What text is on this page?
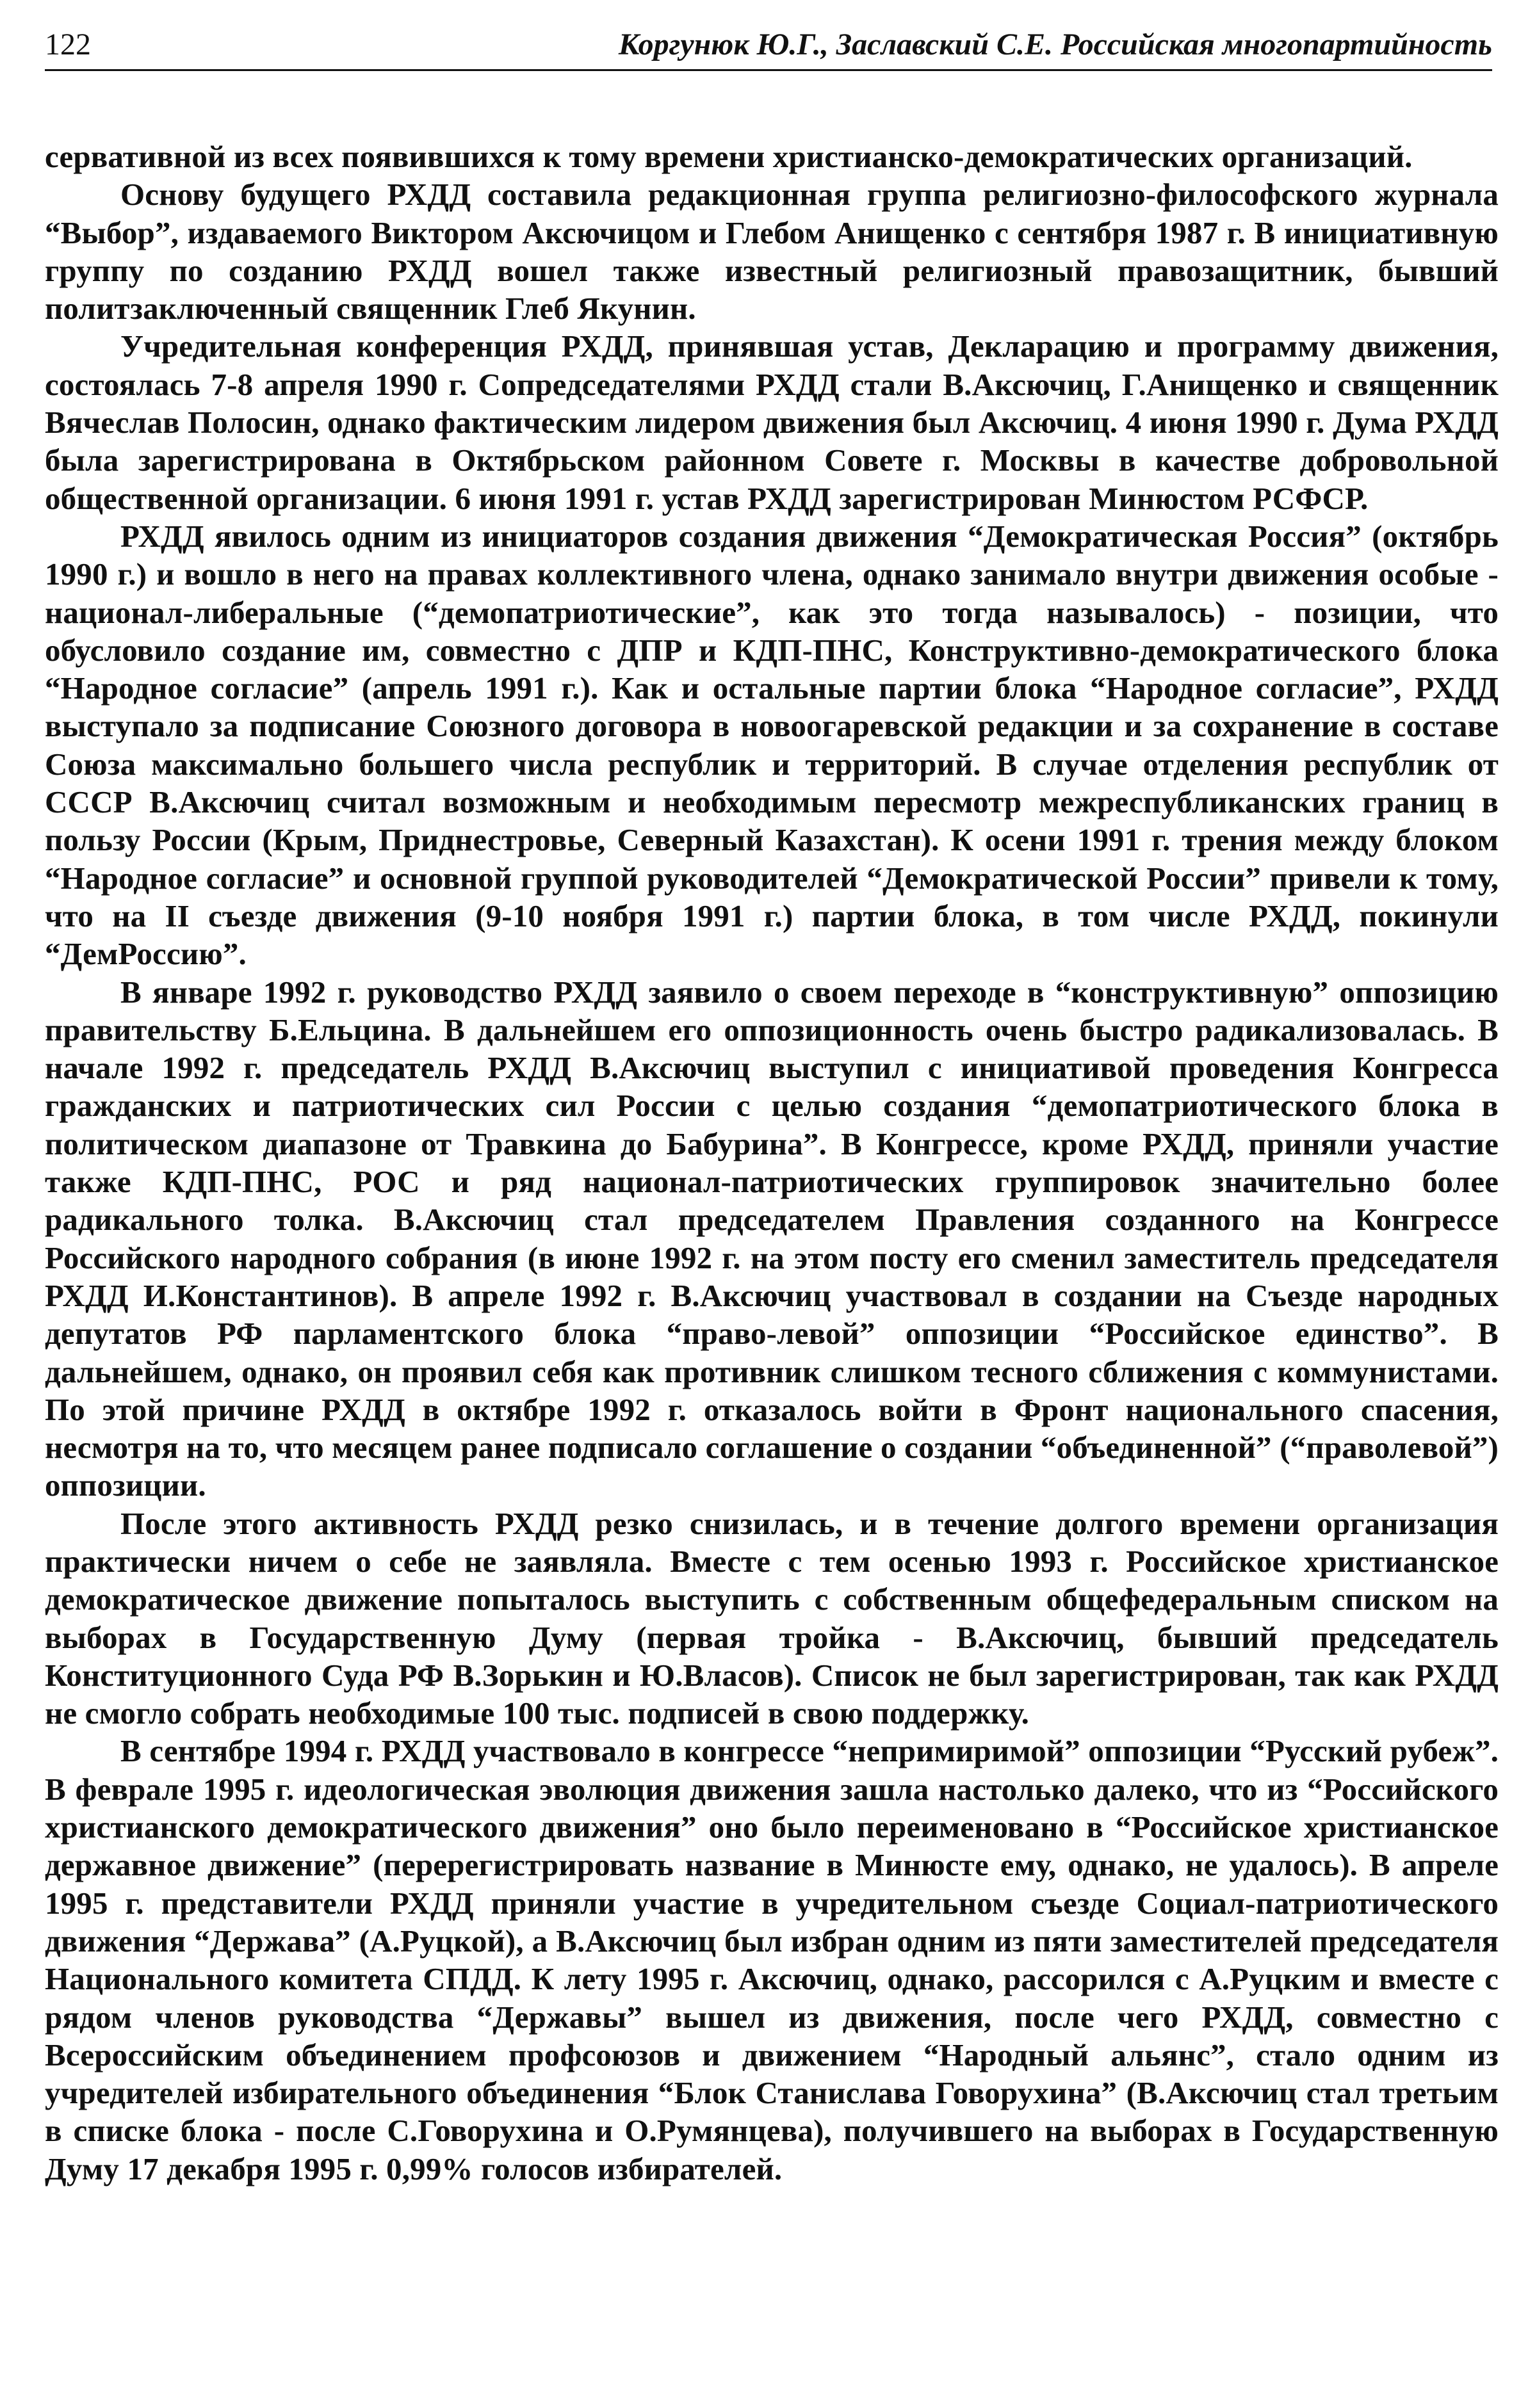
122	Коргунюк Ю.Г., Заславский С.Е. Российская многопартийность

сервативной из всех появившихся к тому времени христианско-демократических организаций.

Основу будущего РХДД составила редакционная группа религиозно-философского журнала “Выбор”, издаваемого Виктором Аксючицом и Глебом Анищенко с сентября 1987 г. В инициативную группу по созданию РХДД вошел также известный религиозный правозащитник, бывший политзаключенный священник Глеб Якунин.

Учредительная конференция РХДД, принявшая устав, Декларацию и программу движения, состоялась 7-8 апреля 1990 г. Сопредседателями РХДД стали В.Аксючиц, Г.Анищенко и священник Вячеслав Полосин, однако фактическим лидером движения был Аксючиц. 4 июня 1990 г. Дума РХДД была зарегистрирована в Октябрьском районном Совете г. Москвы в качестве добровольной общественной организации. 6 июня 1991 г. устав РХДД зарегистрирован Минюстом РСФСР.

РХДД явилось одним из инициаторов создания движения “Демократическая Россия” (октябрь 1990 г.) и вошло в него на правах коллективного члена, однако занимало внутри движения особые - национал-либеральные (“демопатриотические”, как это тогда называлось) - позиции, что обусловило создание им, совместно с ДПР и КДП-ПНС, Конструктивно-демократического блока “Народное согласие” (апрель 1991 г.). Как и остальные партии блока “Народное согласие”, РХДД выступало за подписание Союзного договора в новоогаревской редакции и за сохранение в составе Союза максимально большего числа республик и территорий. В случае отделения республик от СССР В.Аксючиц считал возможным и необходимым пересмотр межреспубликанских границ в пользу России (Крым, Приднестровье, Северный Казахстан). К осени 1991 г. трения между блоком “Народное согласие” и основной группой руководителей “Демократической России” привели к тому, что на II съезде движения (9-10 ноября 1991 г.) партии блока, в том числе РХДД, покинули “ДемРоссию”.

В январе 1992 г. руководство РХДД заявило о своем переходе в “конструктивную” оппозицию правительству Б.Ельцина. В дальнейшем его оппозиционность очень быстро радикализовалась. В начале 1992 г. председатель РХДД В.Аксючиц выступил с инициативой проведения Конгресса гражданских и патриотических сил России с целью создания “демопатриотического блока в политическом диапазоне от Травкина до Бабурина”. В Конгрессе, кроме РХДД, приняли участие также КДП-ПНС, РОС и ряд национал-патриотических группировок значительно более радикального толка. В.Аксючиц стал председателем Правления созданного на Конгрессе Российского народного собрания (в июне 1992 г. на этом посту его сменил заместитель председателя РХДД И.Константинов). В апреле 1992 г. В.Аксючиц участвовал в создании на Съезде народных депутатов РФ парламентского блока “право-левой” оппозиции “Российское единство”. В дальнейшем, однако, он проявил себя как противник слишком тесного сближения с коммунистами. По этой причине РХДД в октябре 1992 г. отказалось войти в Фронт национального спасения, несмотря на то, что месяцем ранее подписало соглашение о создании “объединенной” (“праволевой”) оппозиции.

После этого активность РХДД резко снизилась, и в течение долгого времени организация практически ничем о себе не заявляла. Вместе с тем осенью 1993 г. Российское христианское демократическое движение попыталось выступить с собственным общефедеральным списком на выборах в Государственную Думу (первая тройка - В.Аксючиц, бывший председатель Конституционного Суда РФ В.Зорькин и Ю.Власов). Список не был зарегистрирован, так как РХДД не смогло собрать необходимые 100 тыс. подписей в свою поддержку.

В сентябре 1994 г. РХДД участвовало в конгрессе “непримиримой” оппозиции “Русский рубеж”. В феврале 1995 г. идеологическая эволюция движения зашла настолько далеко, что из “Российского христианского демократического движения” оно было переименовано в “Российское христианское державное движение” (перерегистрировать название в Минюсте ему, однако, не удалось). В апреле 1995 г. представители РХДД приняли участие в учредительном съезде Социал-патриотического движения “Держава” (А.Руцкой), а В.Аксючиц был избран одним из пяти заместителей председателя Национального комитета СПДД. К лету 1995 г. Аксючиц, однако, рассорился с А.Руцким и вместе с рядом членов руководства “Державы” вышел из движения, после чего РХДД, совместно с Всероссийским объединением профсоюзов и движением “Народный альянс”, стало одним из учредителей избирательного объединения “Блок Станислава Говорухина” (В.Аксючиц стал третьим в списке блока - после С.Говорухина и О.Румянцева), получившего на выборах в Государственную Думу 17 декабря 1995 г. 0,99% голосов избирателей.
